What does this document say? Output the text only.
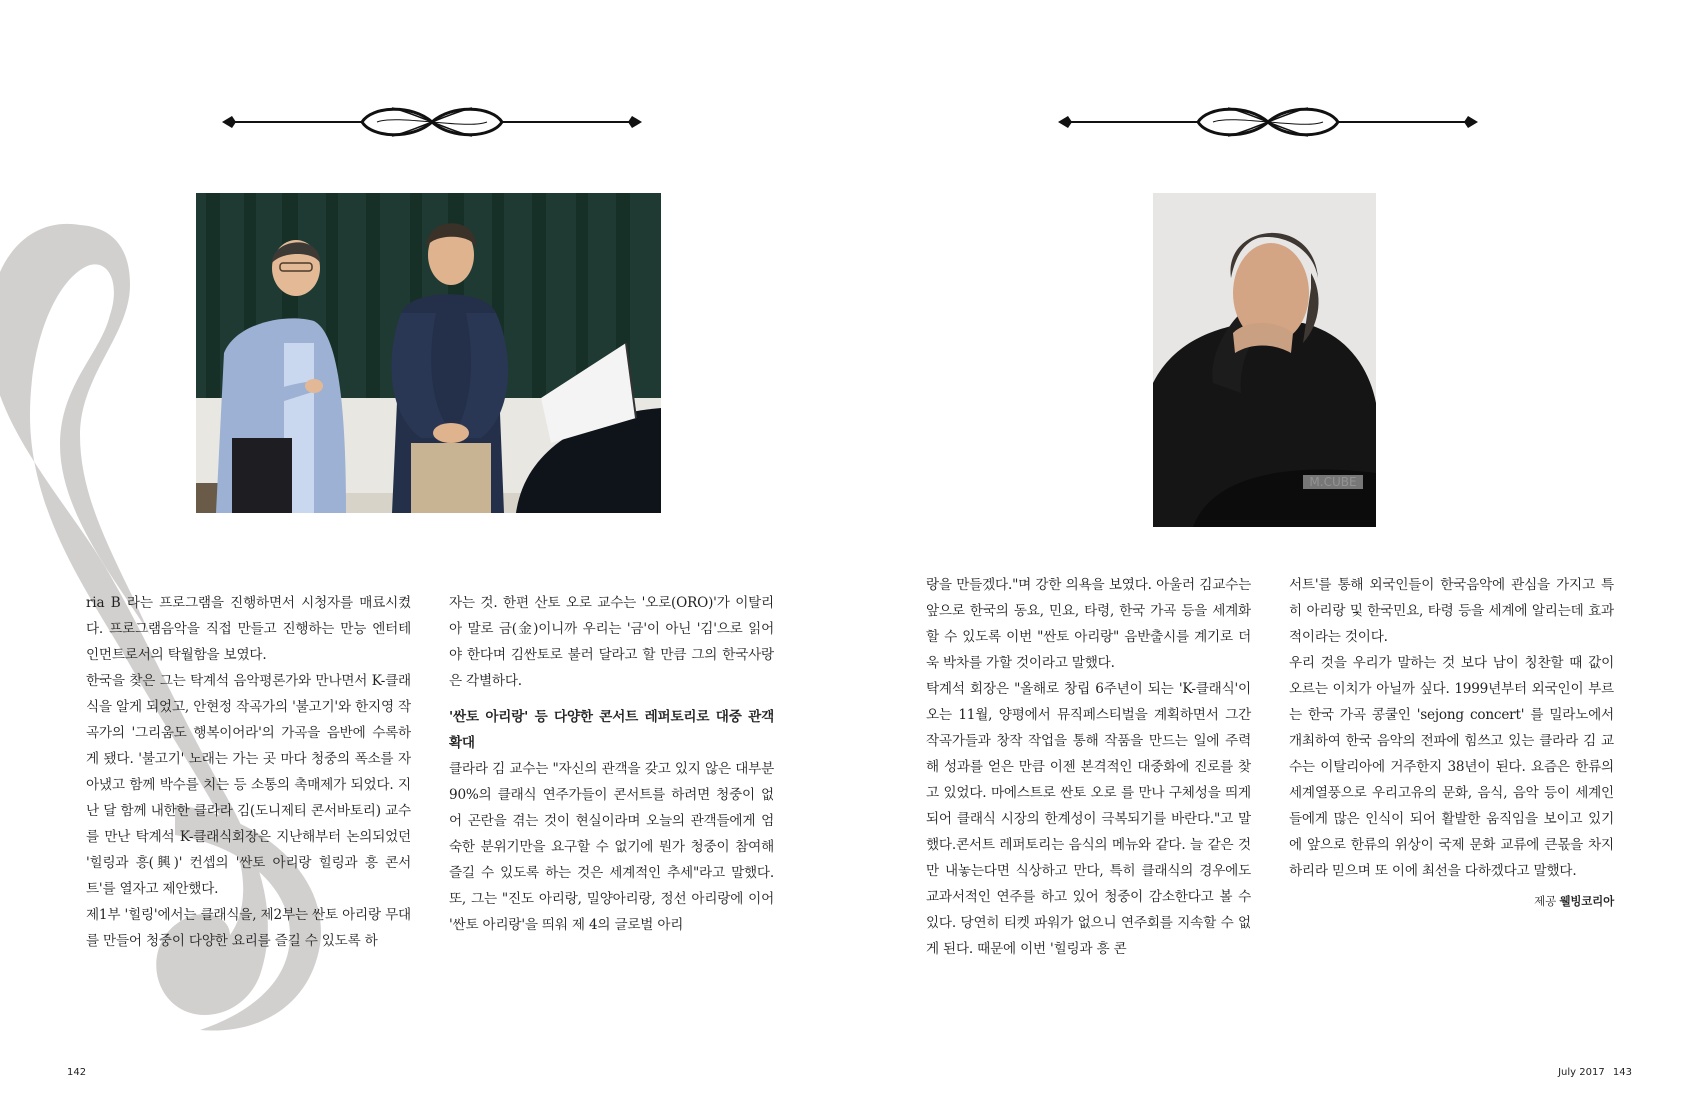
ria B 라는 프로그램을 진행하면서 시청자를 매료시켰다. 프로그램음악을 직접 만들고 진행하는 만능 엔터테인먼트로서의 탁월함을 보였다.

한국을 찾은 그는 탁계석 음악평론가와 만나면서 K-클래식을 알게 되었고, 안현정 작곡가의 '불고기'와 한지영 작곡가의 '그리움도 행복이어라'의 가곡을 음반에 수록하게 됐다. '불고기' 노래는 가는 곳 마다 청중의 폭소를 자아냈고 함께 박수를 치는 등 소통의 촉매제가 되었다. 지난 달 함께 내한한 클라라 김(도니제티 콘서바토리) 교수를 만난 탁계석 K-클래식회장은 지난해부터 논의되었던 '힐링과 흥(興)' 컨셉의 '싼토 아리랑 힐링과 흥 콘서트'를 열자고 제안했다.

제1부 '힐링'에서는 클래식을, 제2부는 싼토 아리랑 무대를 만들어 청중이 다양한 요리를 즐길 수 있도록 하

자는 것. 한편 산토 오로 교수는 '오로(ORO)'가 이탈리아 말로 금(金)이니까 우리는 '금'이 아닌 '김'으로 읽어야 한다며 김싼토로 불러 달라고 할 만큼 그의 한국사랑은 각별하다.

'싼토 아리랑' 등 다양한 콘서트 레퍼토리로 대중 관객 확대

클라라 김 교수는 "자신의 관객을 갖고 있지 않은 대부분 90%의 클래식 연주가들이 콘서트를 하려면 청중이 없어 곤란을 겪는 것이 현실이라며 오늘의 관객들에게 엄숙한 분위기만을 요구할 수 없기에 뭔가 청중이 참여해 즐길 수 있도록 하는 것은 세계적인 추세"라고 말했다. 또, 그는 "진도 아리랑, 밀양아리랑, 정선 아리랑에 이어 '싼토 아리랑'을 띄워 제 4의 글로벌 아리

142
M.CUBE

랑을 만들겠다."며 강한 의욕을 보였다. 아울러 김교수는 앞으로 한국의 동요, 민요, 타령, 한국 가곡 등을 세계화 할 수 있도록 이번 "싼토 아리랑" 음반출시를 계기로 더욱 박차를 가할 것이라고 말했다.

탁계석 회장은 "올해로 창립 6주년이 되는 'K-클래식'이 오는 11월, 양평에서 뮤직페스티벌을 계획하면서 그간 작곡가들과 창작 작업을 통해 작품을 만드는 일에 주력해 성과를 얻은 만큼 이젠 본격적인 대중화에 진로를 찾고 있었다. 마에스트로 싼토 오로 를 만나 구체성을 띄게 되어 클래식 시장의 한계성이 극복되기를 바란다."고 말했다.콘서트 레퍼토리는 음식의 메뉴와 같다. 늘 같은 것만 내놓는다면 식상하고 만다, 특히 클래식의 경우에도 교과서적인 연주를 하고 있어 청중이 감소한다고 볼 수 있다. 당연히 티켓 파워가 없으니 연주회를 지속할 수 없게 된다. 때문에 이번 '힐링과 흥 콘

서트'를 통해 외국인들이 한국음악에 관심을 가지고 특히 아리랑 및 한국민요, 타령 등을 세계에 알리는데 효과적이라는 것이다.

우리 것을 우리가 말하는 것 보다 남이 칭찬할 때 값이 오르는 이치가 아닐까 싶다. 1999년부터 외국인이 부르는 한국 가곡 콩쿨인 'sejong concert' 를 밀라노에서 개최하여 한국 음악의 전파에 힘쓰고 있는 클라라 김 교수는 이탈리아에 거주한지 38년이 된다. 요즘은 한류의 세계열풍으로 우리고유의 문화, 음식, 음악 등이 세계인들에게 많은 인식이 되어 활발한 움직임을 보이고 있기에 앞으로 한류의 위상이 국제 문화 교류에 큰몫을 차지하리라 믿으며 또 이에 최선을 다하겠다고 말했다.

제공 웰빙코리아
July 2017 143
